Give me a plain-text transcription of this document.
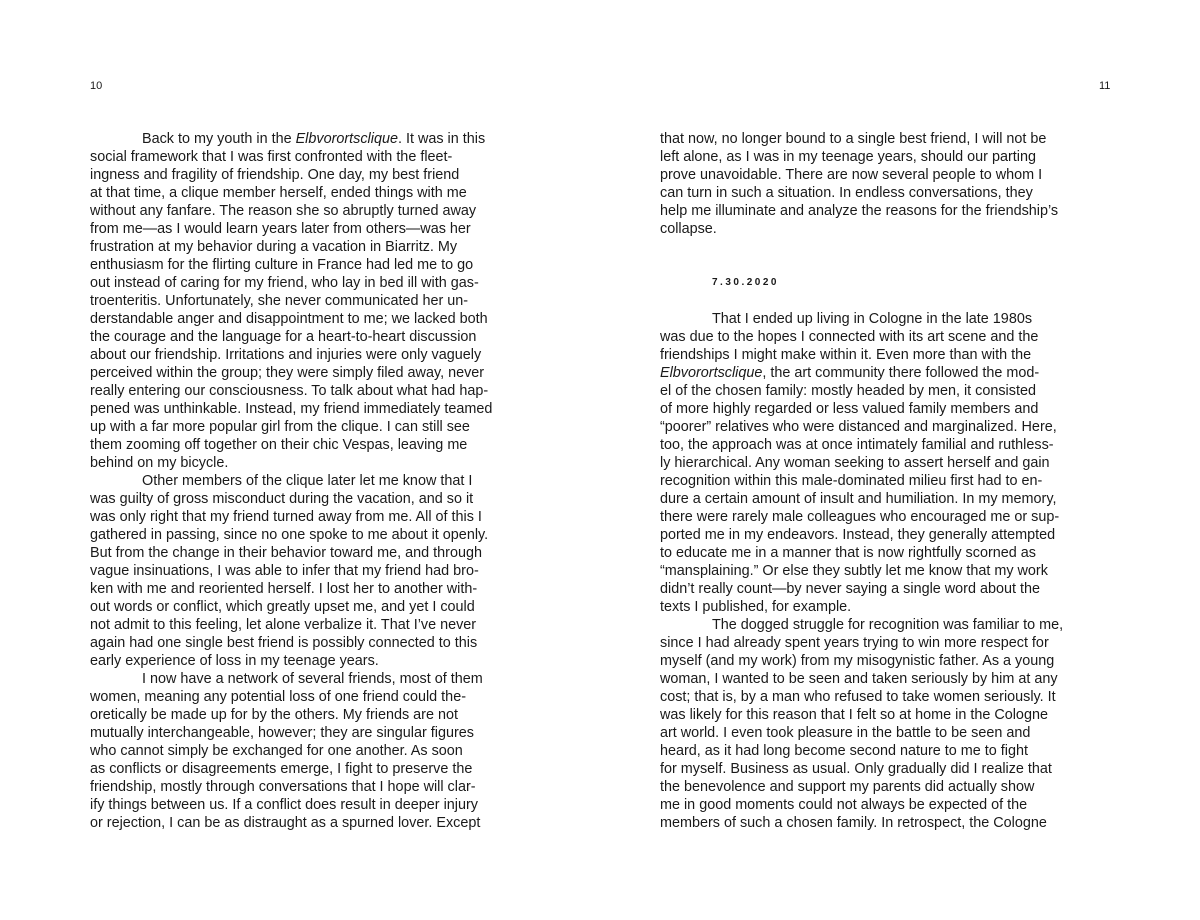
10
Back to my youth in the Elbvorortsclique. It was in this
social framework that I was first confronted with the fleet-
ingness and fragility of friendship. One day, my best friend
at that time, a clique member herself, ended things with me
without any fanfare. The reason she so abruptly turned away
from me—as I would learn years later from others—was her
frustration at my behavior during a vacation in Biarritz. My
enthusiasm for the flirting culture in France had led me to go
out instead of caring for my friend, who lay in bed ill with gas-
troenteritis. Unfortunately, she never communicated her un-
derstandable anger and disappointment to me; we lacked both
the courage and the language for a heart-to-heart discussion
about our friendship. Irritations and injuries were only vaguely
perceived within the group; they were simply filed away, never
really entering our consciousness. To talk about what had hap-
pened was unthinkable. Instead, my friend immediately teamed
up with a far more popular girl from the clique. I can still see
them zooming off together on their chic Vespas, leaving me
behind on my bicycle.
Other members of the clique later let me know that I
was guilty of gross misconduct during the vacation, and so it
was only right that my friend turned away from me. All of this I
gathered in passing, since no one spoke to me about it openly.
But from the change in their behavior toward me, and through
vague insinuations, I was able to infer that my friend had bro-
ken with me and reoriented herself. I lost her to another with-
out words or conflict, which greatly upset me, and yet I could
not admit to this feeling, let alone verbalize it. That I’ve never
again had one single best friend is possibly connected to this
early experience of loss in my teenage years.
I now have a network of several friends, most of them
women, meaning any potential loss of one friend could the-
oretically be made up for by the others. My friends are not
mutually interchangeable, however; they are singular figures
who cannot simply be exchanged for one another. As soon
as conflicts or disagreements emerge, I fight to preserve the
friendship, mostly through conversations that I hope will clar-
ify things between us. If a conflict does result in deeper injury
or rejection, I can be as distraught as a spurned lover. Except
11
that now, no longer bound to a single best friend, I will not be
left alone, as I was in my teenage years, should our parting
prove unavoidable. There are now several people to whom I
can turn in such a situation. In endless conversations, they
help me illuminate and analyze the reasons for the friendship’s
collapse.
7.30.2020
That I ended up living in Cologne in the late 1980s
was due to the hopes I connected with its art scene and the
friendships I might make within it. Even more than with the
Elbvorortsclique, the art community there followed the mod-
el of the chosen family: mostly headed by men, it consisted
of more highly regarded or less valued family members and
“poorer” relatives who were distanced and marginalized. Here,
too, the approach was at once intimately familial and ruthless-
ly hierarchical. Any woman seeking to assert herself and gain
recognition within this male-dominated milieu first had to en-
dure a certain amount of insult and humiliation. In my memory,
there were rarely male colleagues who encouraged me or sup-
ported me in my endeavors. Instead, they generally attempted
to educate me in a manner that is now rightfully scorned as
“mansplaining.” Or else they subtly let me know that my work
didn’t really count—by never saying a single word about the
texts I published, for example.
The dogged struggle for recognition was familiar to me,
since I had already spent years trying to win more respect for
myself (and my work) from my misogynistic father. As a young
woman, I wanted to be seen and taken seriously by him at any
cost; that is, by a man who refused to take women seriously. It
was likely for this reason that I felt so at home in the Cologne
art world. I even took pleasure in the battle to be seen and
heard, as it had long become second nature to me to fight
for myself. Business as usual. Only gradually did I realize that
the benevolence and support my parents did actually show
me in good moments could not always be expected of the
members of such a chosen family. In retrospect, the Cologne
